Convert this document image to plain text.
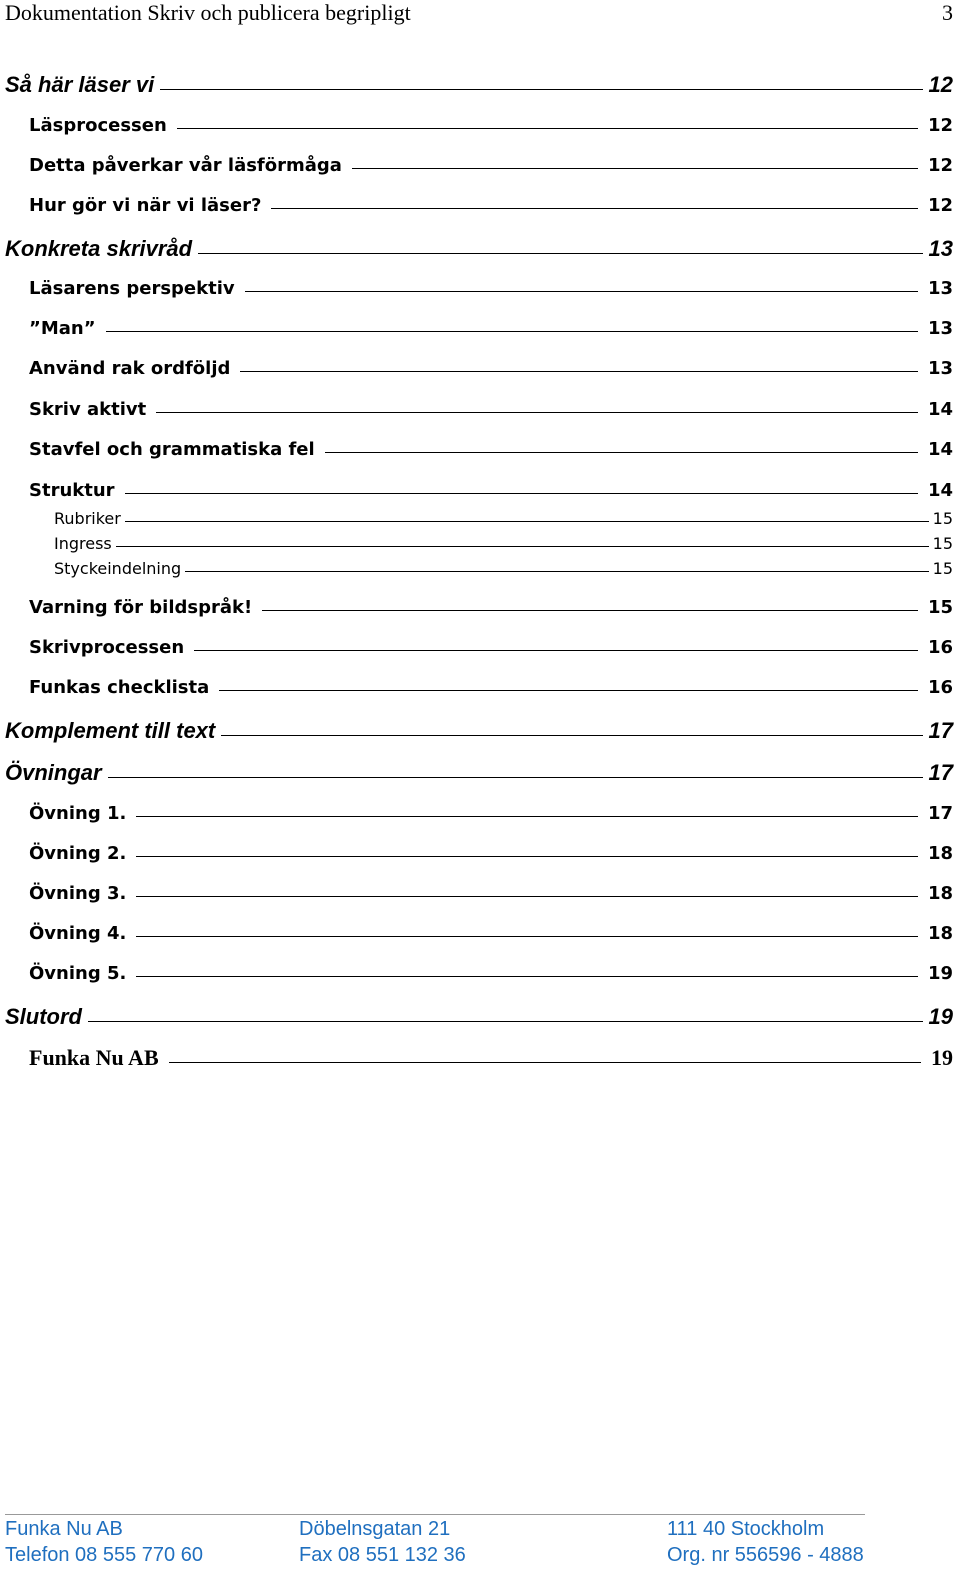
Dokumentation Skriv och publicera begripligt	3
Så här läser vi	12
Läsprocessen	12
Detta påverkar vår läsförmåga	12
Hur gör vi när vi läser?	12
Konkreta skrivråd	13
Läsarens perspektiv	13
”Man”	13
Använd rak ordföljd	13
Skriv aktivt	14
Stavfel och grammatiska fel	14
Struktur	14
Rubriker	15
Ingress	15
Styckeindelning	15
Varning för bildspråk!	15
Skrivprocessen	16
Funkas checklista	16
Komplement till text	17
Övningar	17
Övning 1.	17
Övning 2.	18
Övning 3.	18
Övning 4.	18
Övning 5.	19
Slutord	19
Funka Nu AB	19
Funka Nu AB	Döbelnsgatan 21	111 40 Stockholm
Telefon 08 555 770 60	Fax 08 551 132 36	Org. nr 556596 - 4888
